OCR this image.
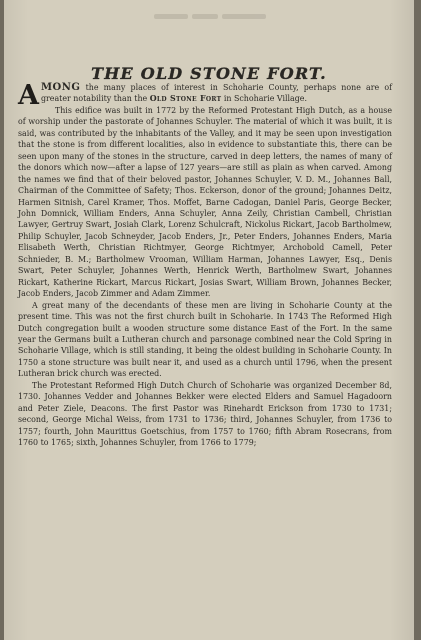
THE OLD STONE FORT.

AMONG the many places of interest in Schoharie County, perhaps none are of greater notability than the Old Stone Fort in Schoharie Village.

This edifice was built in 1772 by the Reformed Protestant High Dutch, as a house of worship under the pastorate of Johannes Schuyler. The material of which it was built, it is said, was contributed by the inhabitants of the Valley, and it may be seen upon investigation that the stone is from different localities, also in evidence to substantiate this, there can be seen upon many of the stones in the structure, carved in deep letters, the names of many of the donors which now—after a lapse of 127 years—are still as plain as when carved. Among the names we find that of their beloved pastor, Johannes Schuyler, V. D. M., Johannes Ball, Chairman of the Committee of Safety; Thos. Eckerson, donor of the ground; Johannes Deitz, Harmen Sitnish, Carel Kramer, Thos. Moffet, Barne Cadogan, Daniel Paris, George Becker, John Domnick, William Enders, Anna Schuyler, Anna Zeily, Christian Cambell, Christian Lawyer, Gertruy Swart, Josiah Clark, Lorenz Schulcraft, Nickolus Rickart, Jacob Bartholmew, Philip Schuyler, Jacob Schneyder, Jacob Enders, Jr., Peter Enders, Johannes Enders, Maria Elisabeth Werth, Christian Richtmyer, George Richtmyer, Archobold Camell, Peter Schnieder, B. M.; Bartholmew Vrooman, William Harman, Johannes Lawyer, Esq., Denis Swart, Peter Schuyler, Johannes Werth, Henrick Werth, Bartholmew Swart, Johannes Rickart, Katherine Rickart, Marcus Rickart, Josias Swart, William Brown, Johannes Becker, Jacob Enders, Jacob Zimmer and Adam Zimmer.

A great many of the decendants of these men are living in Schoharie County at the present time. This was not the first church built in Schoharie. In 1743 The Reformed High Dutch congregation built a wooden structure some distance East of the Fort. In the same year the Germans built a Lutheran church and parsonage combined near the Cold Spring in Schoharie Village, which is still standing, it being the oldest building in Schoharie County. In 1750 a stone structure was built near it, and used as a church until 1796, when the present Lutheran brick church was erected.

The Protestant Reformed High Dutch Church of Schoharie was organized December 8d, 1730. Johannes Vedder and Johannes Bekker were elected Elders and Samuel Hagadoorn and Peter Ziele, Deacons. The first Pastor was Rinehardt Erickson from 1730 to 1731; second, George Michal Weiss, from 1731 to 1736; third, Johannes Schuyler, from 1736 to 1757; fourth, John Maurittus Goetschius, from 1757 to 1760; fifth Abram Rosecrans, from 1760 to 1765; sixth, Johannes Schuyler, from 1766 to 1779;
